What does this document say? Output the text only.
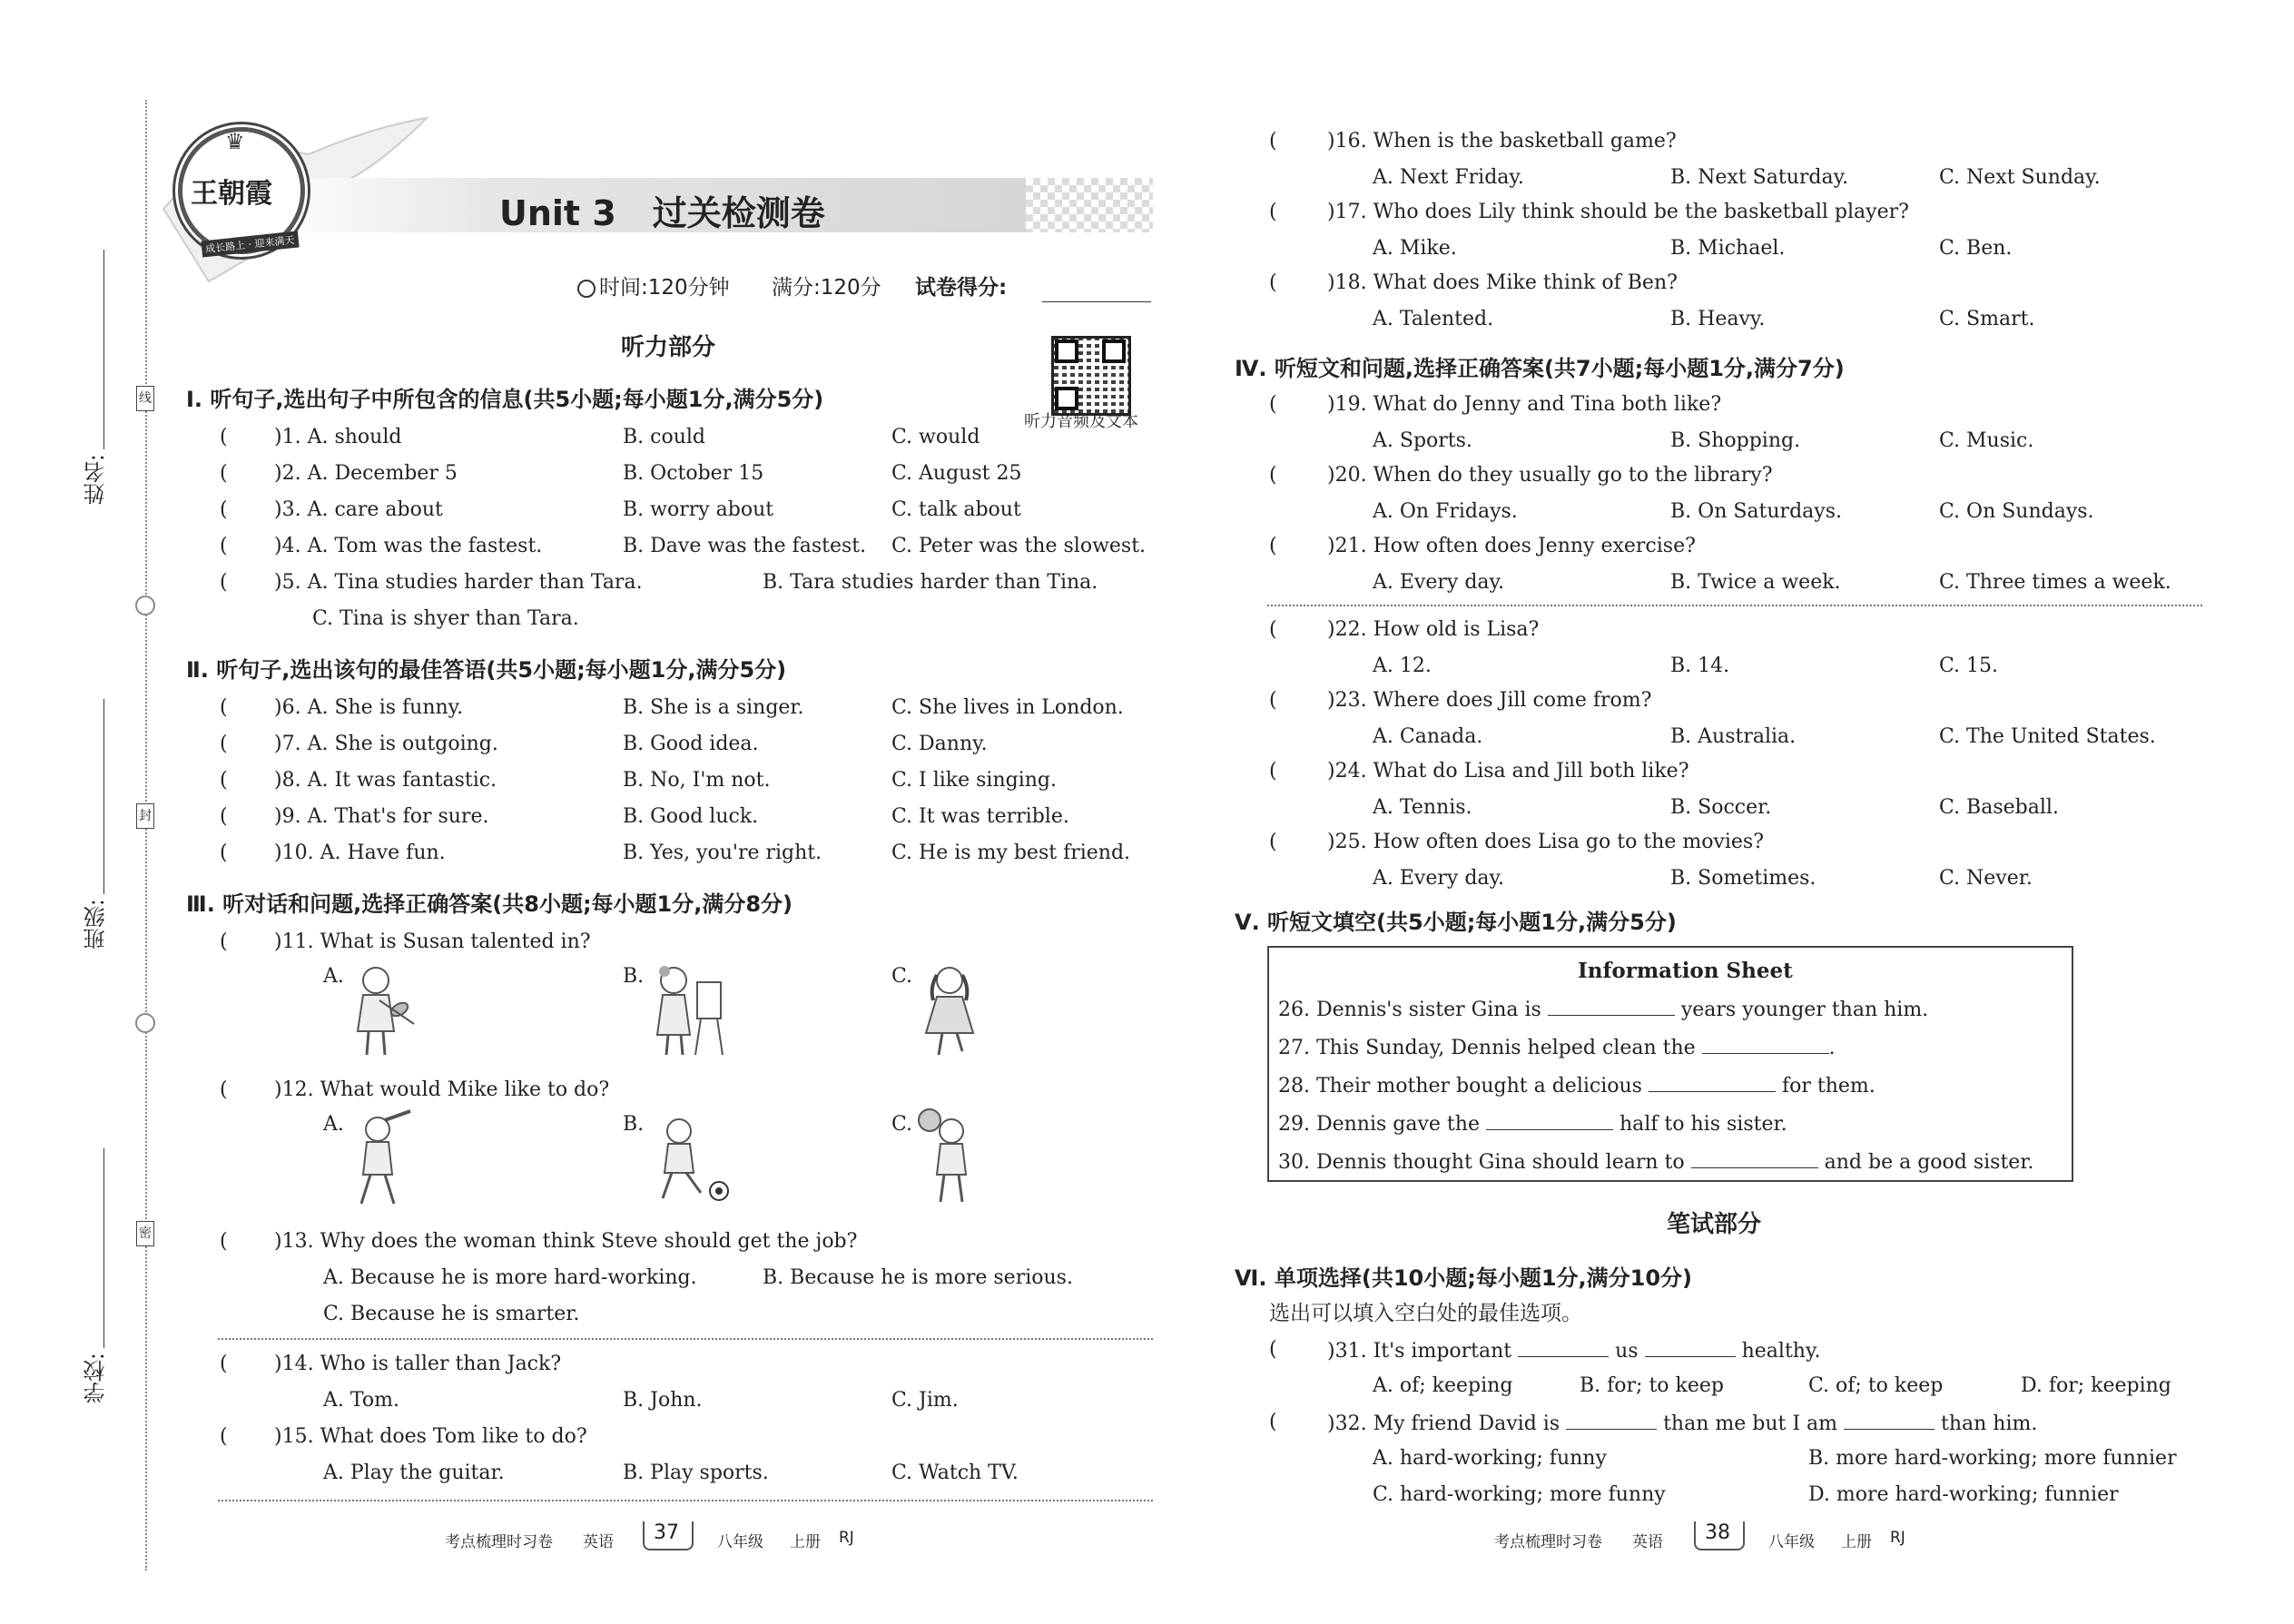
姓名:
班级:
学校:
线
封
密
♛
王朝霞
成长路上 · 迎来满天
Unit 3 过关检测卷
时间:120分钟 满分:120分 试卷得分:
听力部分
听力音频及文本
Ⅰ. 听句子,选出句子中所包含的信息(共5小题;每小题1分,满分5分)
( )1. A. should	B. could	C. would
( )2. A. December 5	B. October 15	C. August 25
( )3. A. care about	B. worry about	C. talk about
( )4. A. Tom was the fastest.	B. Dave was the fastest. C. Peter was the slowest.
( )5. A. Tina studies harder than Tara.	B. Tara studies harder than Tina.
C. Tina is shyer than Tara.
Ⅱ. 听句子,选出该句的最佳答语(共5小题;每小题1分,满分5分)
( )6. A. She is funny.	B. She is a singer.	C. She lives in London.
( )7. A. She is outgoing.	B. Good idea.	C. Danny.
( )8. A. It was fantastic.	B. No, I'm not.	C. I like singing.
( )9. A. That's for sure.	B. Good luck.	C. It was terrible.
( )10. A. Have fun.	B. Yes, you're right.	C. He is my best friend.
Ⅲ. 听对话和问题,选择正确答案(共8小题;每小题1分,满分8分)
( )11. What is Susan talented in?
A.	B.	C.
( )12. What would Mike like to do?
A.	B.	C.
( )13. Why does the woman think Steve should get the job?
A. Because he is more hard-working.	B. Because he is more serious.
C. Because he is smarter.
( )14. Who is taller than Jack?
A. Tom.	B. John.	C. Jim.
( )15. What does Tom like to do?
A. Play the guitar.	B. Play sports.	C. Watch TV.
考点梳理时习卷 英语 37 八年级 上册 RJ
(	)16. When is the basketball game?
A. Next Friday.	B. Next Saturday.	C. Next Sunday.
(	)17. Who does Lily think should be the basketball player?
A. Mike.	B. Michael.	C. Ben.
(	)18. What does Mike think of Ben?
A. Talented.	B. Heavy.	C. Smart.
Ⅳ. 听短文和问题,选择正确答案(共7小题;每小题1分,满分7分)
(	)19. What do Jenny and Tina both like?
A. Sports.	B. Shopping.	C. Music.
(	)20. When do they usually go to the library?
A. On Fridays.	B. On Saturdays.	C. On Sundays.
(	)21. How often does Jenny exercise?
A. Every day.	B. Twice a week.	C. Three times a week.
(	)22. How old is Lisa?
A. 12.	B. 14.	C. 15.
(	)23. Where does Jill come from?
A. Canada.	B. Australia.	C. The United States.
(	)24. What do Lisa and Jill both like?
A. Tennis.	B. Soccer.	C. Baseball.
(	)25. How often does Lisa go to the movies?
A. Every day.	B. Sometimes.	C. Never.
Ⅴ. 听短文填空(共5小题;每小题1分,满分5分)
Information Sheet
26. Dennis's sister Gina is	years younger than him.
27. This Sunday, Dennis helped clean the	.
28. Their mother bought a delicious	for them.
29. Dennis gave the	half to his sister.
30. Dennis thought Gina should learn to	and be a good sister.
笔试部分
Ⅵ. 单项选择(共10小题;每小题1分,满分10分)
选出可以填入空白处的最佳选项。
(	)31. It's important	us	healthy.
A. of; keeping	B. for; to keep	C. of; to keep	D. for; keeping
(	)32. My friend David is	than me but I am	than him.
A. hard-working; funny	B. more hard-working; more funnier
C. hard-working; more funny	D. more hard-working; funnier
考点梳理时习卷 英语 38 八年级 上册 RJ
